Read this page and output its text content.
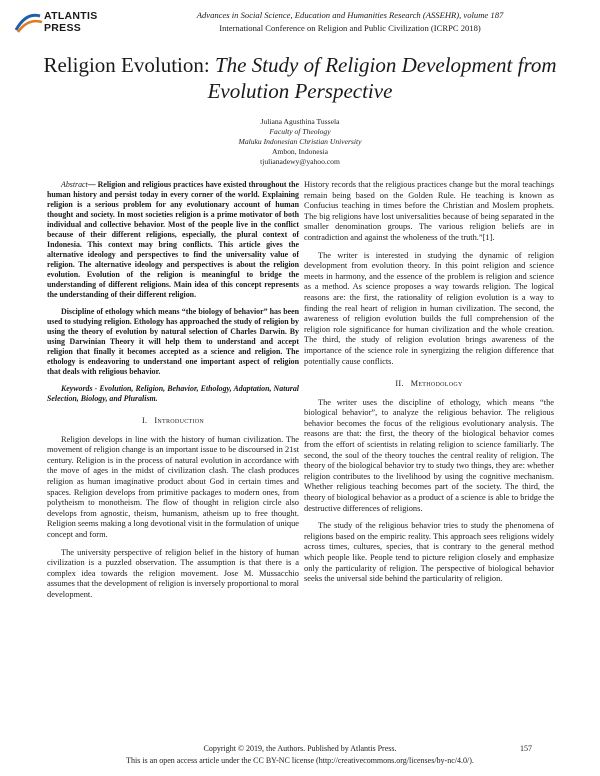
ATLANTIS
PRESS
Advances in Social Science, Education and Humanities Research (ASSEHR), volume 187
International Conference on Religion and Public Civilization (ICRPC 2018)
Religion Evolution: The Study of Religion Development from Evolution Perspective
Juliana Agusthina Tussela
Faculty of Theology
Maluku Indonesian Christian University
Ambon, Indonesia
tjulianadewy@yahoo.com

Abstract— Religion and religious practices have existed throughout the human history and persist today in every corner of the world. Explaining religion is a serious problem for any evolutionary account of human thought and society. In most societies religion is a prime motivator of both individual and collective behavior. Most of the people live in the conflict because of their different religions, especially, the plural context of Indonesia. This context may bring conflicts. This article gives the alternative ideology and perspectives to find the universality value of religion. The alternative ideology and perspectives is about the religion evolution. Evolution of the religion is meaningful to bridge the understanding of different religions. Main idea of this concept represents the understanding of their different religion.

Discipline of ethology which means “the biology of behavior” has been used to studying religion. Ethology has approached the study of religion by using the theory of evolution by natural selection of Charles Darwin. By using Darwinian Theory it will help them to understand and accept religion that finally it becomes accepted as a science and religion. The ethology is endeavoring to understand one important aspect of religion that deals with religious behavior.

Keywords - Evolution, Religion, Behavior, Ethology, Adaptation, Natural Selection, Biology, and Pluralism.

I. Introduction

Religion develops in line with the history of human civilization. The movement of religion change is an important issue to be discoursed in 21st century. Religion is in the process of natural evolution in accordance with the move of ages in the midst of civilization clash. The clash produces religion as human imaginative product about God in certain times and spaces. Religion develops from primitive packages to modern ones, from polytheism to monotheism. The flow of thought in religion circle also develops from agnostic, theism, humanism, atheism up to free thought. Religion seems making a long devotional visit in the formulation of unique concept and form.

The university perspective of religion belief in the history of human civilization is a puzzled observation. The assumption is that there is a complex idea towards the religion movement. Jose M. Mussacchio assumes that the development of religion is inversely proportional to moral development.

History records that the religious practices change but the moral teachings remain being based on the Golden Rule. He teaching is known as Confucius teaching in times before the Christian and Moslem prophets. The big religions have lost universalities because of being separated in the smaller denomination groups. The various religion beliefs are in contradiction and against the wholeness of the truth.”[1].

The writer is interested in studying the dynamic of religion development from evolution theory. In this point religion and science meets in harmony, and the essence of the problem is religion and science as a method. As science proposes a way towards religion. The logical reasons are: the first, the rationality of religion evolution is a way to finding the real heart of religion in human civilization. The second, the awareness of religion evolution builds the full comprehension of the religion role significance for human civilization and the whole creation. The third, the study of religion evolution brings awareness of the importance of the science role in synergizing the religion difference that potentially cause conflicts.

II. Methodology

The writer uses the discipline of ethology, which means “the biological behavior”, to analyze the religious behavior. The religious behavior becomes the focus of the religious evolutionary analysis. The reasons are that: the first, the theory of the biological behavior comes from the effort of scientists in relating religion to science familiarly. The second, the soul of the theory touches the central reality of religion. The theory of the biological behavior try to study two things, they are: whether religion contributes to the livelihood by using the cognitive mechanism. Whether religious teaching becomes part of the society. The third, the theory of biological behavior as a product of a science is able to bridge the destructive differences of religions.

The study of the religious behavior tries to study the phenomena of religions based on the empiric reality. This approach sees religions widely across times, cultures, species, that is contrary to the general method which people like. People tend to picture religion closely and emphasize only the particularity of religion. The perspective of biological behavior seeks the universal side behind the particularity of religion.

Copyright © 2019, the Authors. Published by Atlantis Press.
This is an open access article under the CC BY-NC license (http://creativecommons.org/licenses/by-nc/4.0/).
157
